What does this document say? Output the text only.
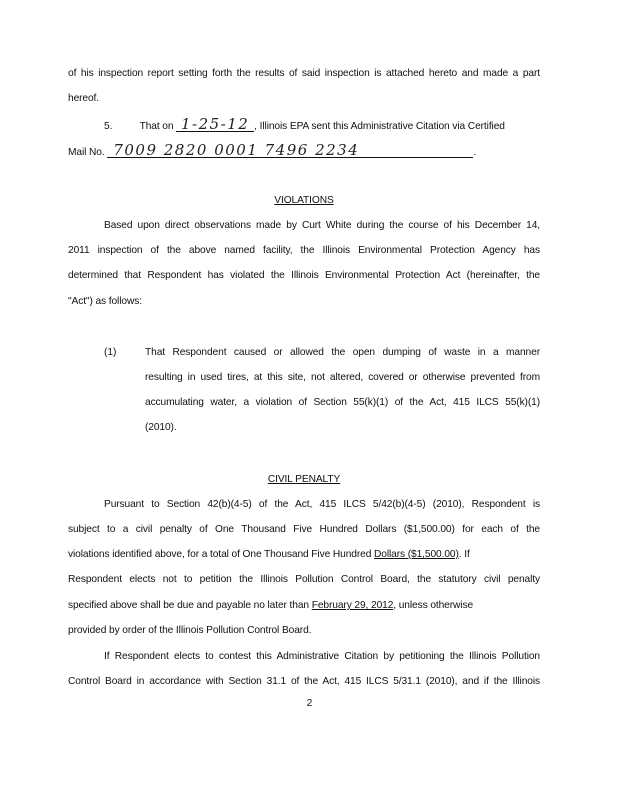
of his inspection report setting forth the results of said inspection is attached hereto and made a part
hereof.
5.	That on 1-25-12 , Illinois EPA sent this Administrative Citation via Certified
Mail No. 7009 2820 0001 7496 2234	.
VIOLATIONS
Based upon direct observations made by Curt White during the course of his December 14,
2011 inspection of the above named facility, the Illinois Environmental Protection Agency has
determined that Respondent has violated the Illinois Environmental Protection Act (hereinafter, the
"Act") as follows:
(1)	That Respondent caused or allowed the open dumping of waste in a manner
resulting in used tires, at this site, not altered, covered or otherwise prevented from
accumulating water, a violation of Section 55(k)(1) of the Act, 415 ILCS 55(k)(1)
(2010).
CIVIL PENALTY
Pursuant to Section 42(b)(4-5) of the Act, 415 ILCS 5/42(b)(4-5) (2010), Respondent is
subject to a civil penalty of One Thousand Five Hundred Dollars ($1,500.00) for each of the
violations identified above, for a total of One Thousand Five Hundred Dollars ($1,500.00). If
Respondent elects not to petition the Illinois Pollution Control Board, the statutory civil penalty
specified above shall be due and payable no later than February 29, 2012, unless otherwise
provided by order of the Illinois Pollution Control Board.
If Respondent elects to contest this Administrative Citation by petitioning the Illinois Pollution
Control Board in accordance with Section 31.1 of the Act, 415 ILCS 5/31.1 (2010), and if the Illinois
2
